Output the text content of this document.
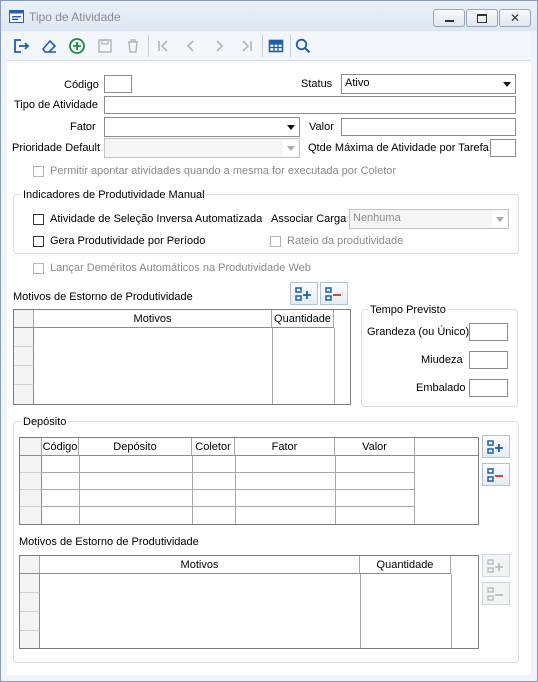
Tipo de Atividade	✕
Código	Status	Ativo
Tipo de Atividade
Fator	Valor
Prioridade Default	Qtde Máxima de Atividade por Tarefa
Permitir apontar atividades quando a mesma for executada por Coletor
Indicadores de Produtividade Manual
Atividade de Seleção Inversa Automatizada Associar Carga Nenhuma
Gera Produtividade por Período	Rateio da produtividade
Lançar Deméritos Automáticos na Produtividade Web
Motivos de Estorno de Produtividade
Motivos	Quantidade
Tempo Previsto
Grandeza (ou Único)
Miudeza
Embalado
Depósito
Código	Depósito	Coletor	Fator	Valor
Motivos de Estorno de Produtividade
Motivos	Quantidade
